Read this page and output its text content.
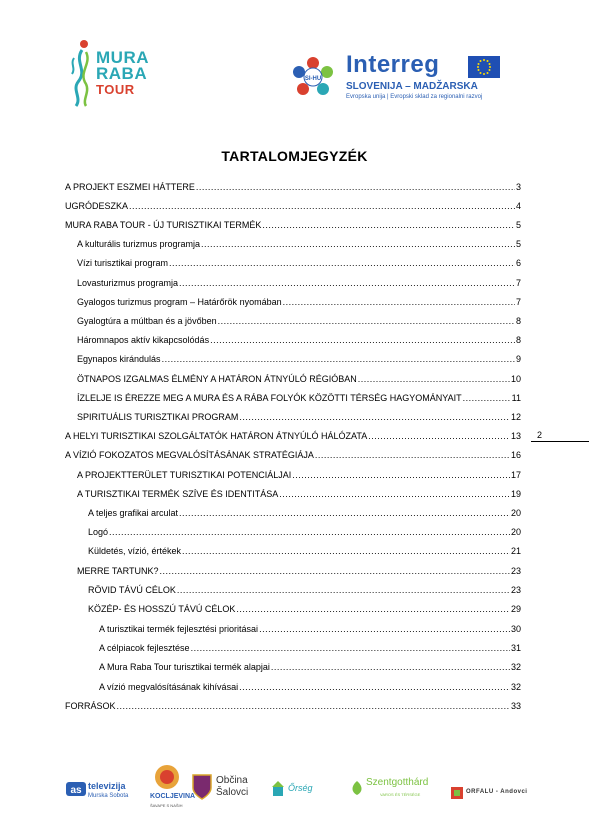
MURA
RABA
TOUR
SI-HU
Interreg
SLOVENIJA – MADŽARSKA
Evropska unija | Evropski sklad za regionalni razvoj
TARTALOMJEGYZÉK
A PROJEKT ESZMEI HÁTTERE .....	3
UGRÓDESZKA .....	4
MURA RABA TOUR - ÚJ TURISZTIKAI TERMÉK .....	5
A kulturális turizmus programja .....	5
Vízi turisztikai program .....	6
Lovasturizmus programja .....	7
Gyalogos turizmus program – Határőrök nyomában .....	7
Gyalogtúra a múltban és a jövőben .....	8
Háromnapos aktív kikapcsolódás .....	8
Egynapos kirándulás .....	9
ÖTNAPOS IZGALMAS ÉLMÉNY A HATÁRON ÁTNYÚLÓ RÉGIÓBAN .....	10
ÍZLELJE IS ÉREZZE MEG A MURA ÉS A RÁBA FOLYÓK KÖZÖTTI TÉRSÉG HAGYOMÁNYAIT .....	11
SPIRITUÁLIS TURISZTIKAI PROGRAM .....	12
A HELYI TURISZTIKAI SZOLGÁLTATÓK HATÁRON ÁTNYÚLÓ HÁLÓZATA .....	13
A VÍZIÓ FOKOZATOS MEGVALÓSÍTÁSÁNAK STRATÉGIÁJA .....	16
A PROJEKTTERÜLET TURISZTIKAI POTENCIÁLJAI .....	17
A TURISZTIKAI TERMÉK SZÍVE ÉS IDENTITÁSA .....	19
A teljes grafikai arculat .....	20
Logó .....	20
Küldetés, vízió, értékek .....	21
MERRE TARTUNK? .....	23
RÖVID TÁVÚ CÉLOK .....	23
KÖZÉP- ÉS HOSSZÚ TÁVÚ CÉLOK .....	29
A turisztikai termék fejlesztési prioritásai .....	30
A célpiacok fejlesztése .....	31
A Mura Raba Tour turisztikai termék alapjai .....	32
A vízió megvalósításának kihívásai .....	32
FORRÁSOK .....	33
2
as televizija
Murska Sobota	KOCLJEVINA
ŠAVAPE S NAŠIH
Občina
Šalovci	Őrség	Szentgotthárd
VAROS ÉS TÉRSÉGE	ORFALU - Andovci
